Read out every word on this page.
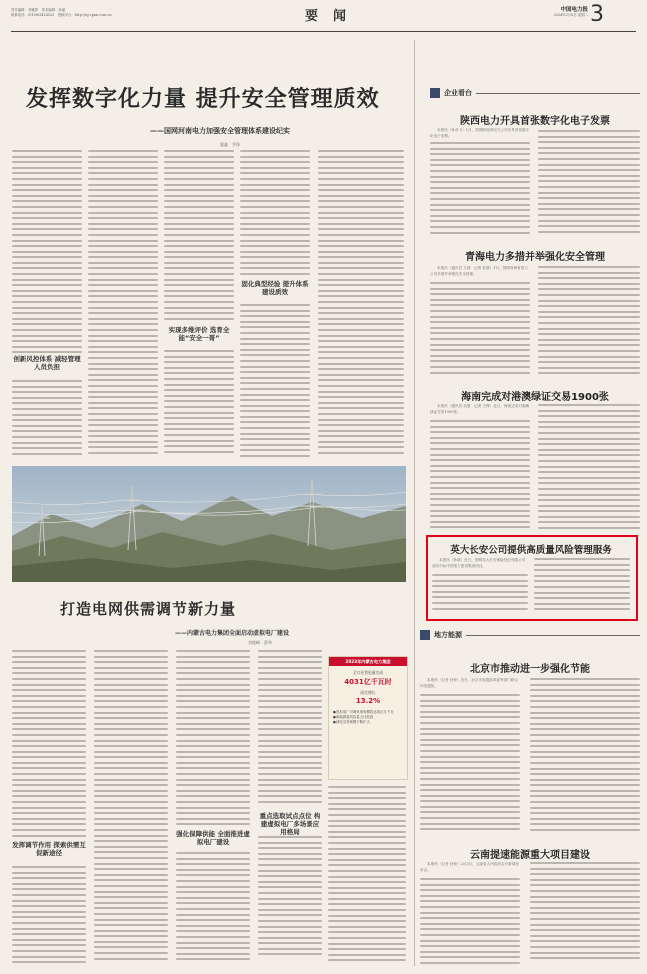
责任编辑：刘雅婷　美术编辑：孙丽
联系电话：(010)63414525　投稿平台：http://tg.cpnn.com.cn	要　闻	中国电力报
2024年2月6日 星期二 3
发挥数字化力量 提升安全管理质效
——国网河南电力加强安全管理体系建设纪实
霍鑫　乔锋
创新风控体系 减轻管理人员负担
实现多维评价 选育全能“安全一哥”
固化典型经验 提升体系建设质效
打造电网供需调节新力量
——内蒙古电力集团全面启动虚拟电厂建设
刘俊峰　薛华
发挥调节作用 探索供需互促新途径
强化保障供能 全面推进虚拟电厂建设
重点选取试点点位 构建虚拟电厂多场景应用格局
2023年内蒙古电力集团
全口径售电量完成
4031亿千瓦时
同比增长
13.2%
●虚拟电厂可调负荷规模将达到百万千瓦
●新能源装机容量占比较高
●绿电交易规模不断扩大
企业看台
陕西电力开具首张数字化电子发票

本报讯（孙卓飞）1月，国网陕西省电力公司开具首张数字化电子发票。

青海电力多措并举强化安全管理

本报讯（通讯员 王莉　记者 杜静）1月，国网青海省电力公司多措并举强化安全管理。

海南完成对港澳绿证交易1900张

本报讯（通讯员 吴慧　记者 王锋）近日，海南完成对港澳绿证交易1900张。

英大长安公司提供高质量风险管理服务

本报讯（孙斌）近日，国网英大长安保险经纪有限公司成功中标中国电力建设集团项目。

地方能源
北京市推动进一步强化节能

本报讯（记者 杜钟）近日，北京市发展改革委等部门联合印发通知。

云南提速能源重大项目建设

本报讯（记者 杜钟）2月3日，云南省人民政府召开新闻发布会。
